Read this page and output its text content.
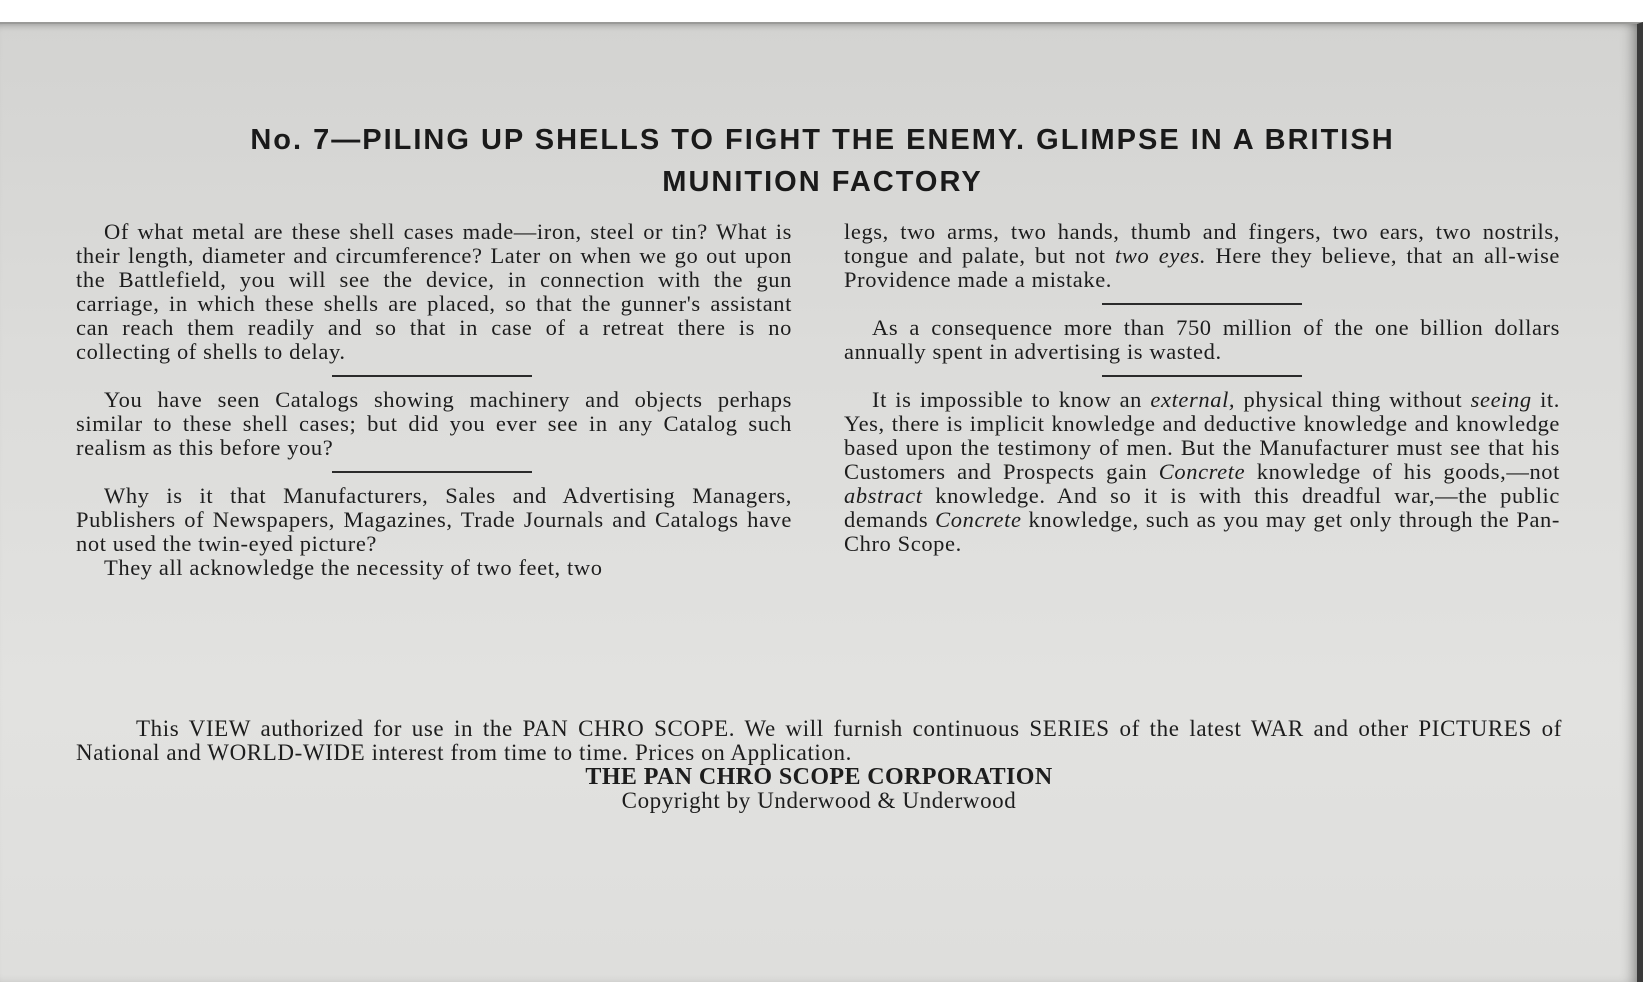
No. 7—PILING UP SHELLS TO FIGHT THE ENEMY. GLIMPSE IN A BRITISH
MUNITION FACTORY

Of what metal are these shell cases made—iron, steel or tin? What is their length, diameter and circumference? Later on when we go out upon the Battlefield, you will see the device, in connection with the gun carriage, in which these shells are placed, so that the gunner's assistant can reach them readily and so that in case of a retreat there is no collecting of shells to delay.

You have seen Catalogs showing machinery and objects perhaps similar to these shell cases; but did you ever see in any Catalog such realism as this before you?

Why is it that Manufacturers, Sales and Advertising Managers, Publishers of Newspapers, Magazines, Trade Journals and Catalogs have not used the twin-eyed picture?

They all acknowledge the necessity of two feet, two

legs, two arms, two hands, thumb and fingers, two ears, two nostrils, tongue and palate, but not two eyes. Here they believe, that an all-wise Providence made a mistake.

As a consequence more than 750 million of the one billion dollars annually spent in advertising is wasted.

It is impossible to know an external, physical thing without seeing it. Yes, there is implicit knowledge and deductive knowledge and knowledge based upon the testimony of men. But the Manufacturer must see that his Customers and Prospects gain Concrete knowledge of his goods,—not abstract knowledge. And so it is with this dreadful war,—the public demands Concrete knowledge, such as you may get only through the Pan-Chro Scope.

This VIEW authorized for use in the PAN CHRO SCOPE. We will furnish continuous SERIES of the latest WAR and other PICTURES of National and WORLD-WIDE interest from time to time. Prices on Application.

THE PAN CHRO SCOPE CORPORATION

Copyright by Underwood & Underwood
